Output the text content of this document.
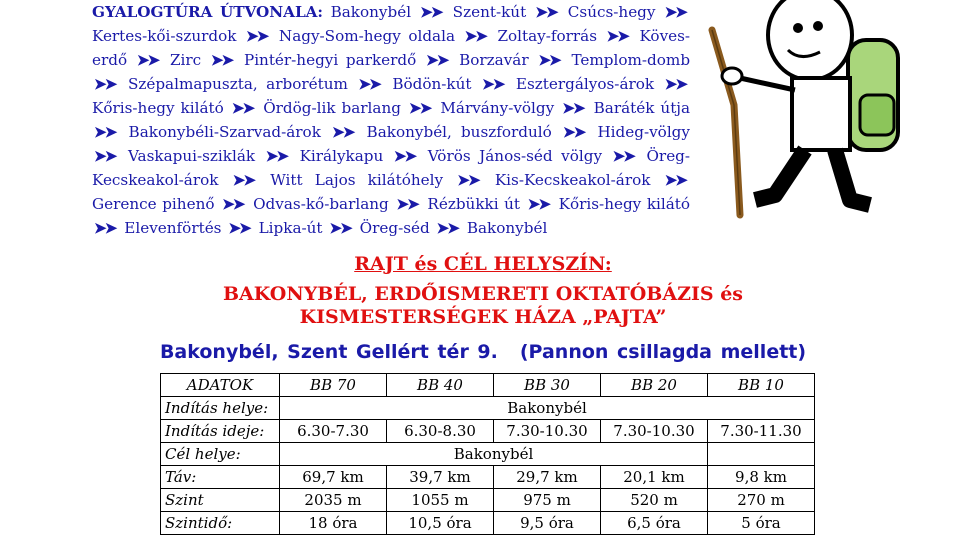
GYALOGTÚRA ÚTVONALA: Bakonybél ➤➤ Szent-kút ➤➤ Csúcs-hegy ➤➤ Kertes-kői-szurdok ➤➤ Nagy-Som-hegy oldala ➤➤ Zoltay-forrás ➤➤ Köves-erdő ➤➤ Zirc ➤➤ Pintér-hegyi parkerdő ➤➤ Borzavár ➤➤ Templom-domb ➤➤ Szépalmapuszta, arborétum ➤➤ Bödön-kút ➤➤ Esztergályos-árok ➤➤ Kőris-hegy kilátó ➤➤ Ördög-lik barlang ➤➤ Márvány-völgy ➤➤ Baráték útja ➤➤ Bakonybéli-Szarvad-árok ➤➤ Bakonybél, buszforduló ➤➤ Hideg-völgy ➤➤ Vaskapui-sziklák ➤➤ Királykapu ➤➤ Vörös János-séd völgy ➤➤ Öreg-Kecskeakol-árok ➤➤ Witt Lajos kilátóhely ➤➤ Kis-Kecskeakol-árok ➤➤ Gerence pihenő ➤➤ Odvas-kő-barlang ➤➤ Rézbükki út ➤➤ Kőris-hegy kilátó ➤➤ Elevenförtés ➤➤ Lipka-út ➤➤ Öreg-séd ➤➤ Bakonybél
RAJT és CÉL HELYSZÍN:
BAKONYBÉL, ERDŐISMERETI OKTATÓBÁZIS és
KISMESTERSÉGEK HÁZA „PAJTA”
Bakonybél, Szent Gellért tér 9. (Pannon csillagda mellett)
ADATOK	BB 70	BB 40	BB 30	BB 20	BB 10
Indítás helye:	Bakonybél				
Indítás ideje:	6.30-7.30	6.30-8.30	7.30-10.30	7.30-10.30	7.30-11.30
Cél helye:	Bakonybél				
Táv:	69,7 km	39,7 km	29,7 km	20,1 km	9,8 km
Szint	2035 m	1055 m	975 m	520 m	270 m
Szintidő:	18 óra	10,5 óra	9,5 óra	6,5 óra	5 óra
